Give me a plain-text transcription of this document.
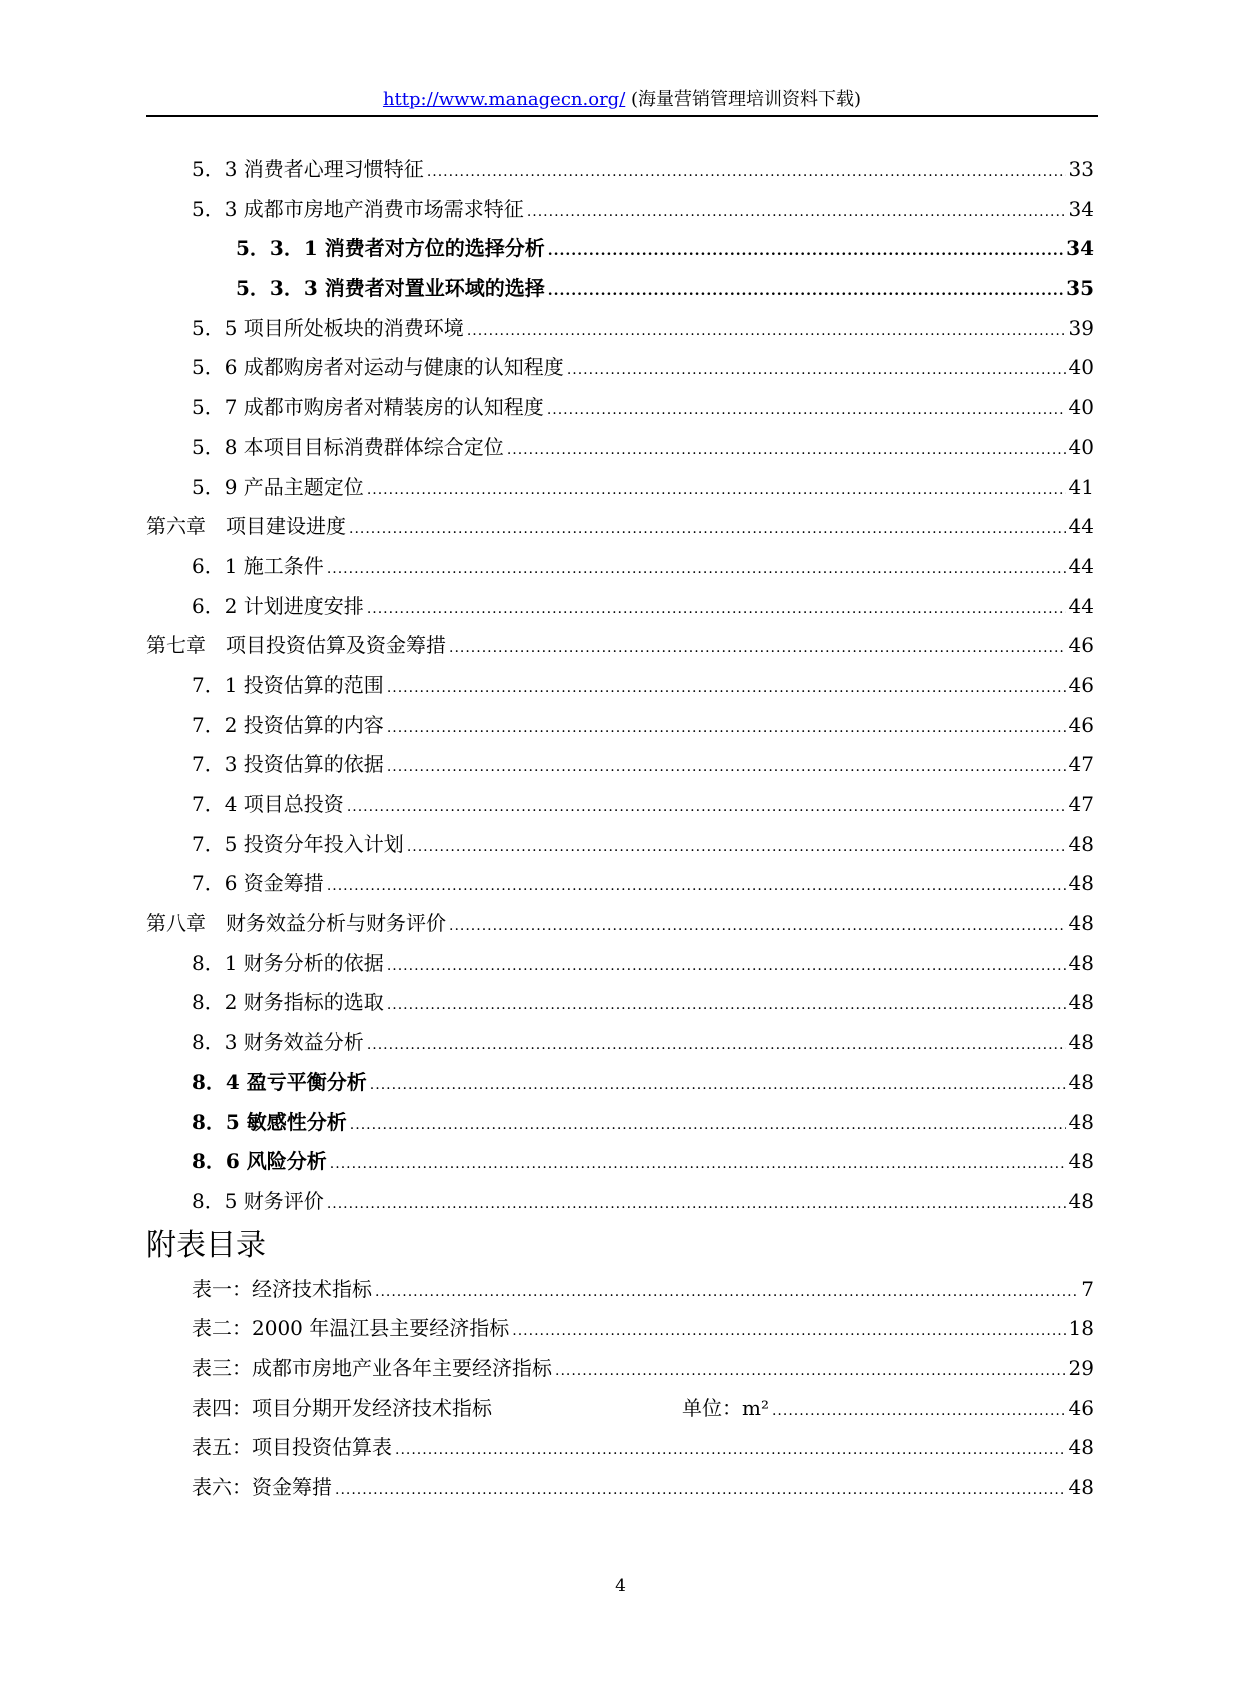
http://www.managecn.org/ (海量营销管理培训资料下载)
5．3 消费者心理习惯特征 .....	33
5．3 成都市房地产消费市场需求特征 .....	34
5．3．1 消费者对方位的选择分析 .....	34
5．3．3 消费者对置业环域的选择 .....	35
5．5 项目所处板块的消费环境 .....	39
5．6 成都购房者对运动与健康的认知程度 .....	40
5．7 成都市购房者对精装房的认知程度 .....	40
5．8 本项目目标消费群体综合定位 .....	40
5．9 产品主题定位 .....	41
第六章　项目建设进度 .....	44
6．1 施工条件 .....	44
6．2 计划进度安排 .....	44
第七章　项目投资估算及资金筹措 .....	46
7．1 投资估算的范围 .....	46
7．2 投资估算的内容 .....	46
7．3 投资估算的依据 .....	47
7．4 项目总投资 .....	47
7．5 投资分年投入计划 .....	48
7．6 资金筹措 .....	48
第八章　财务效益分析与财务评价 .....	48
8．1 财务分析的依据 .....	48
8．2 财务指标的选取 .....	48
8．3 财务效益分析 .....	48
8．4 盈亏平衡分析 .....	48
8．5 敏感性分析 .....	48
8．6 风险分析 .....	48
8．5 财务评价 .....	48
附表目录
表一：经济技术指标 .....	7
表二：2000 年温江县主要经济指标 .....	18
表三：成都市房地产业各年主要经济指标 .....	29
表四：项目分期开发经济技术指标	单位：m² .....	46
表五：项目投资估算表 .....	48
表六：资金筹措 .....	48
4
